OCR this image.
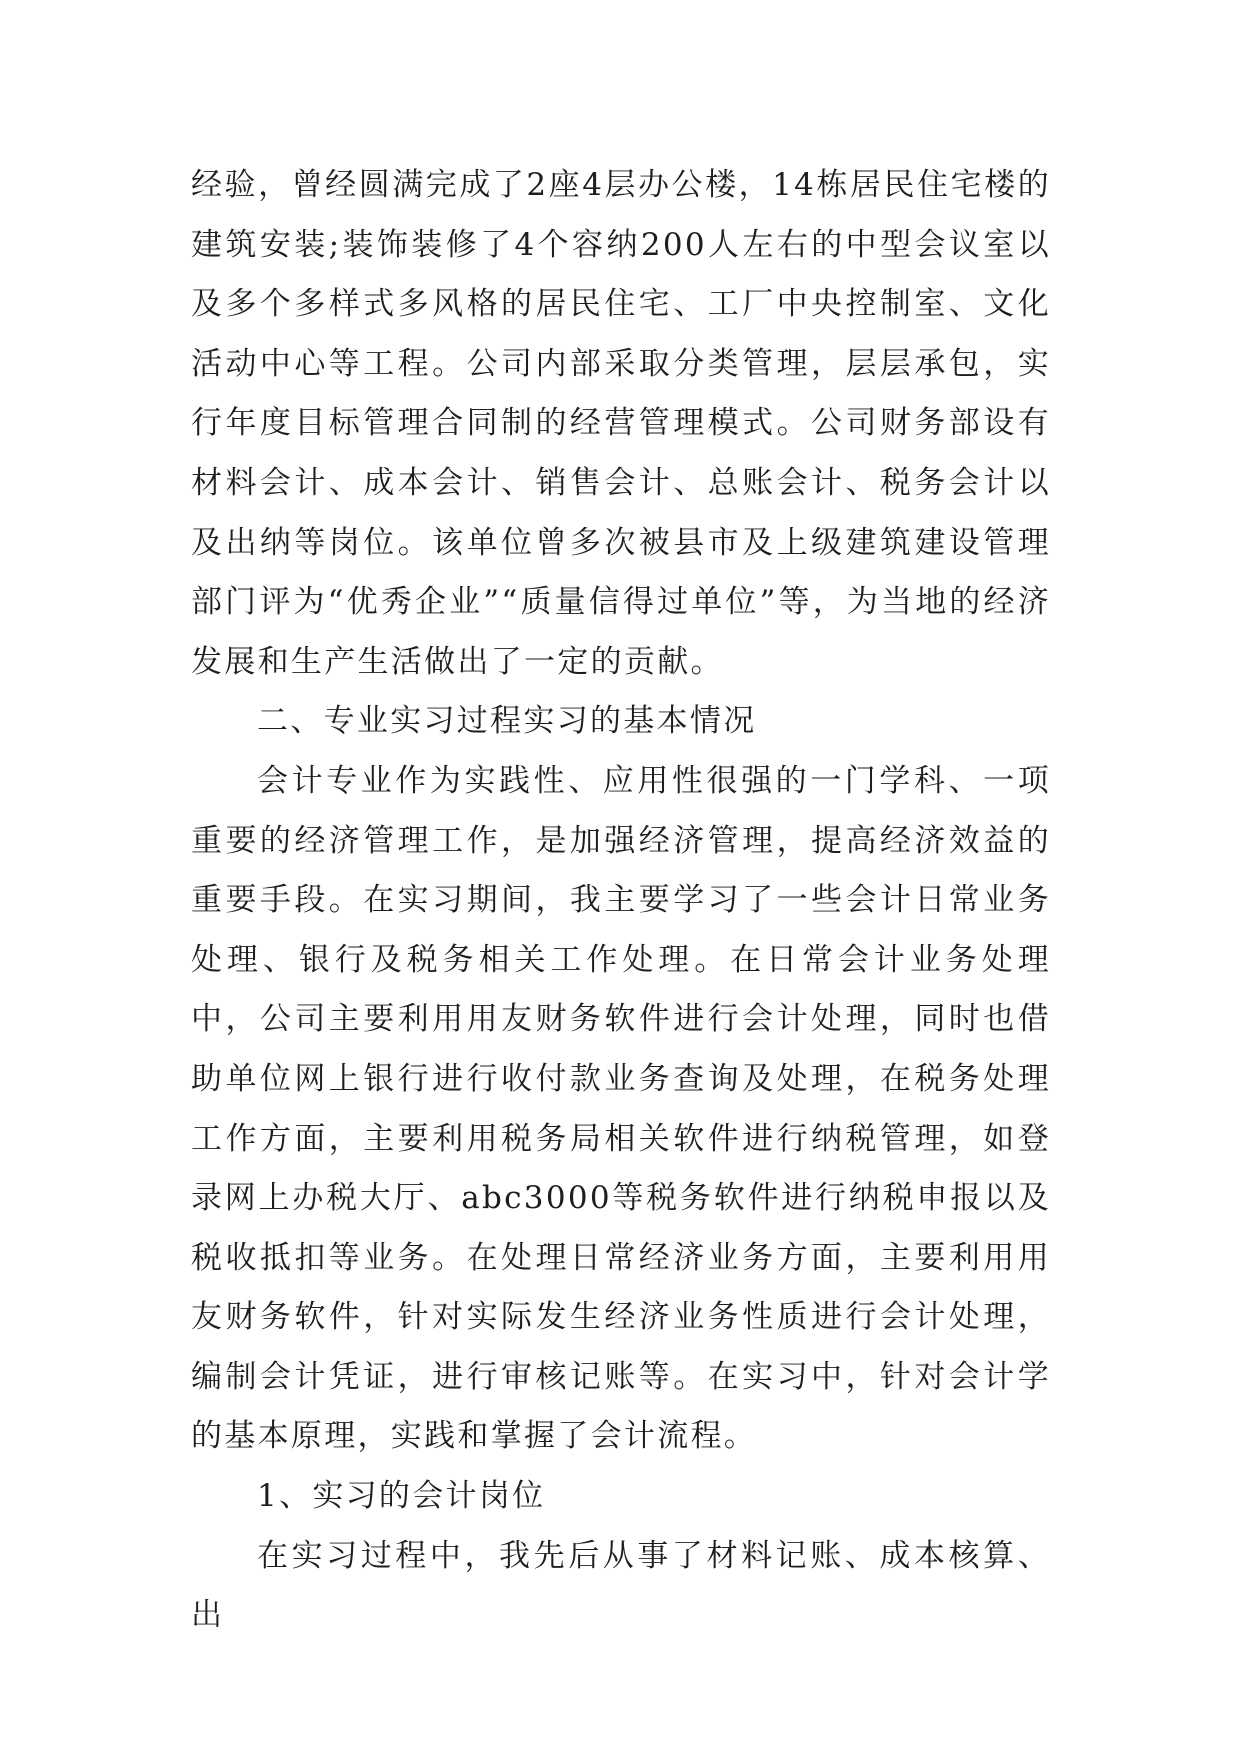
经验，曾经圆满完成了2座4层办公楼，14栋居民住宅楼的建筑安装;装饰装修了4个容纳200人左右的中型会议室以及多个多样式多风格的居民住宅、工厂中央控制室、文化活动中心等工程。公司内部采取分类管理，层层承包，实行年度目标管理合同制的经营管理模式。公司财务部设有材料会计、成本会计、销售会计、总账会计、税务会计以及出纳等岗位。该单位曾多次被县市及上级建筑建设管理部门评为“优秀企业”“质量信得过单位”等，为当地的经济发展和生产生活做出了一定的贡献。

二、专业实习过程实习的基本情况

会计专业作为实践性、应用性很强的一门学科、一项重要的经济管理工作，是加强经济管理，提高经济效益的重要手段。在实习期间，我主要学习了一些会计日常业务处理、银行及税务相关工作处理。在日常会计业务处理中，公司主要利用用友财务软件进行会计处理，同时也借助单位网上银行进行收付款业务查询及处理，在税务处理工作方面，主要利用税务局相关软件进行纳税管理，如登录网上办税大厅、abc3000等税务软件进行纳税申报以及税收抵扣等业务。在处理日常经济业务方面，主要利用用友财务软件，针对实际发生经济业务性质进行会计处理，编制会计凭证，进行审核记账等。在实习中，针对会计学的基本原理，实践和掌握了会计流程。

1、实习的会计岗位

在实习过程中，我先后从事了材料记账、成本核算、出
